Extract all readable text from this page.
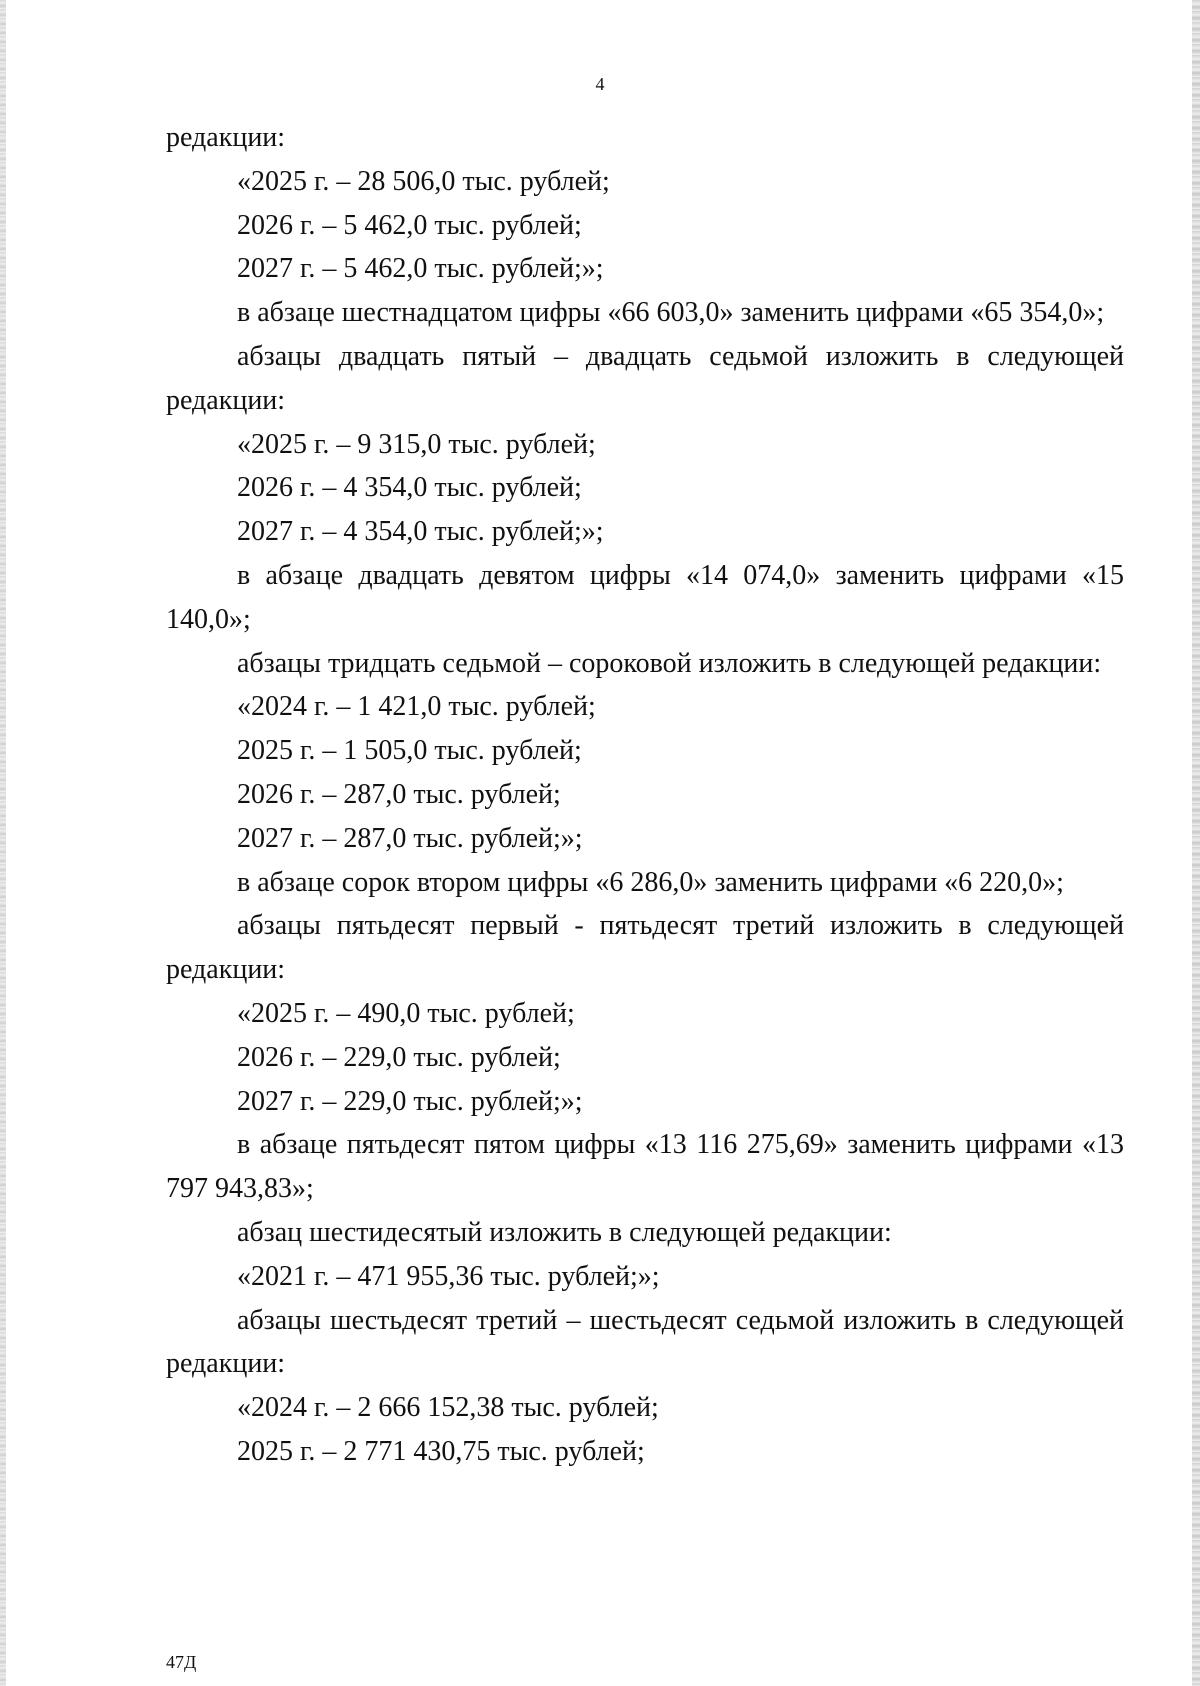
4

редакции:

«2025 г. – 28 506,0 тыс. рублей;

2026 г. – 5 462,0 тыс. рублей;

2027 г. – 5 462,0 тыс. рублей;»;

в абзаце шестнадцатом цифры «66 603,0» заменить цифрами «65 354,0»;

абзацы двадцать пятый – двадцать седьмой изложить в следующей редакции:

«2025 г. – 9 315,0 тыс. рублей;

2026 г. – 4 354,0 тыс. рублей;

2027 г. – 4 354,0 тыс. рублей;»;

в абзаце двадцать девятом цифры «14 074,0» заменить цифрами «15 140,0»;

абзацы тридцать седьмой – сороковой изложить в следующей редакции:

«2024 г. – 1 421,0 тыс. рублей;

2025 г. – 1 505,0 тыс. рублей;

2026 г. – 287,0 тыс. рублей;

2027 г. – 287,0 тыс. рублей;»;

в абзаце сорок втором цифры «6 286,0» заменить цифрами «6 220,0»;

абзацы пятьдесят первый - пятьдесят третий изложить в следующей редакции:

«2025 г. – 490,0 тыс. рублей;

2026 г. – 229,0 тыс. рублей;

2027 г. – 229,0 тыс. рублей;»;

в абзаце пятьдесят пятом цифры «13 116 275,69» заменить цифрами «13 797 943,83»;

абзац шестидесятый изложить в следующей редакции:

«2021 г. – 471 955,36 тыс. рублей;»;

абзацы шестьдесят третий – шестьдесят седьмой изложить в следующей редакции:

«2024 г. – 2 666 152,38 тыс. рублей;

2025 г. – 2 771 430,75 тыс. рублей;

47Д
